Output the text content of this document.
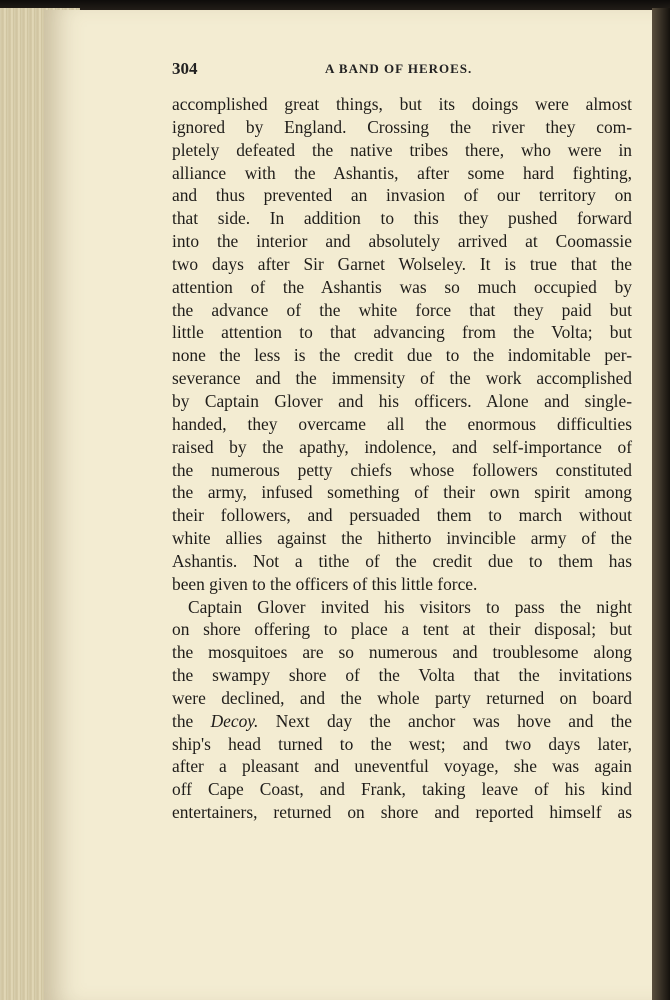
304	A BAND OF HEROES.
accomplished great things, but its doings were almost
ignored by England. Crossing the river they com-
pletely defeated the native tribes there, who were in
alliance with the Ashantis, after some hard fighting,
and thus prevented an invasion of our territory on
that side. In addition to this they pushed forward
into the interior and absolutely arrived at Coomassie
two days after Sir Garnet Wolseley. It is true that the
attention of the Ashantis was so much occupied by
the advance of the white force that they paid but
little attention to that advancing from the Volta; but
none the less is the credit due to the indomitable per-
severance and the immensity of the work accomplished
by Captain Glover and his officers. Alone and single-
handed, they overcame all the enormous difficulties
raised by the apathy, indolence, and self-importance of
the numerous petty chiefs whose followers constituted
the army, infused something of their own spirit among
their followers, and persuaded them to march without
white allies against the hitherto invincible army of the
Ashantis. Not a tithe of the credit due to them has
been given to the officers of this little force.
Captain Glover invited his visitors to pass the night
on shore offering to place a tent at their disposal; but
the mosquitoes are so numerous and troublesome along
the swampy shore of the Volta that the invitations
were declined, and the whole party returned on board
the Decoy. Next day the anchor was hove and the
ship's head turned to the west; and two days later,
after a pleasant and uneventful voyage, she was again
off Cape Coast, and Frank, taking leave of his kind
entertainers, returned on shore and reported himself as
